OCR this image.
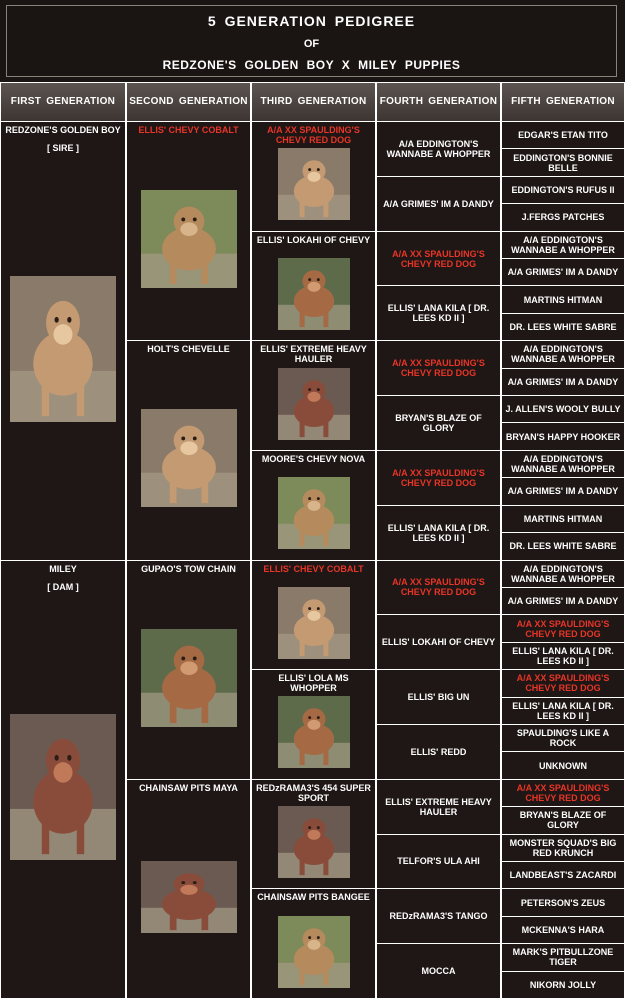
5 GENERATION PEDIGREE
OF
REDZONE'S GOLDEN BOY X MILEY PUPPIES
FIRST GENERATION SECOND GENERATION THIRD GENERATION FOURTH GENERATION FIFTH GENERATION
REDZONE'S GOLDEN BOY
[ SIRE ]
MILEY
[ DAM ]
ELLIS' CHEVY COBALT
HOLT'S CHEVELLE
GUPAO'S TOW CHAIN
CHAINSAW PITS MAYA
A/A XX SPAULDING'S CHEVY RED DOG
ELLIS' LOKAHI OF CHEVY
ELLIS' EXTREME HEAVY HAULER
MOORE'S CHEVY NOVA
ELLIS' CHEVY COBALT
ELLIS' LOLA MS WHOPPER
REDzRAMA3'S 454 SUPER SPORT
CHAINSAW PITS BANGEE
A/A EDDINGTON'S WANNABE A WHOPPER
A/A GRIMES' IM A DANDY
A/A XX SPAULDING'S CHEVY RED DOG
ELLIS' LANA KILA [ DR. LEES KD II ]
A/A XX SPAULDING'S CHEVY RED DOG
BRYAN'S BLAZE OF GLORY
A/A XX SPAULDING'S CHEVY RED DOG
ELLIS' LANA KILA [ DR. LEES KD II ]
A/A XX SPAULDING'S CHEVY RED DOG
ELLIS' LOKAHI OF CHEVY
ELLIS' BIG UN
ELLIS' REDD
ELLIS' EXTREME HEAVY HAULER
TELFOR'S ULA AHI
REDzRAMA3'S TANGO
MOCCA
EDGAR'S ETAN TITO
EDDINGTON'S BONNIE BELLE
EDDINGTON'S RUFUS II
J.FERGS PATCHES
A/A EDDINGTON'S WANNABE A WHOPPER
A/A GRIMES' IM A DANDY
MARTINS HITMAN
DR. LEES WHITE SABRE
A/A EDDINGTON'S WANNABE A WHOPPER
A/A GRIMES' IM A DANDY
J. ALLEN'S WOOLY BULLY
BRYAN'S HAPPY HOOKER
A/A EDDINGTON'S WANNABE A WHOPPER
A/A GRIMES' IM A DANDY
MARTINS HITMAN
DR. LEES WHITE SABRE
A/A EDDINGTON'S WANNABE A WHOPPER
A/A GRIMES' IM A DANDY
A/A XX SPAULDING'S CHEVY RED DOG
ELLIS' LANA KILA [ DR. LEES KD II ]
A/A XX SPAULDING'S CHEVY RED DOG
ELLIS' LANA KILA [ DR. LEES KD II ]
SPAULDING'S LIKE A ROCK
UNKNOWN
A/A XX SPAULDING'S CHEVY RED DOG
BRYAN'S BLAZE OF GLORY
MONSTER SQUAD'S BIG RED KRUNCH
LANDBEAST'S ZACARDI
PETERSON'S ZEUS
MCKENNA'S HARA
MARK'S PITBULLZONE TIGER
NIKORN JOLLY
